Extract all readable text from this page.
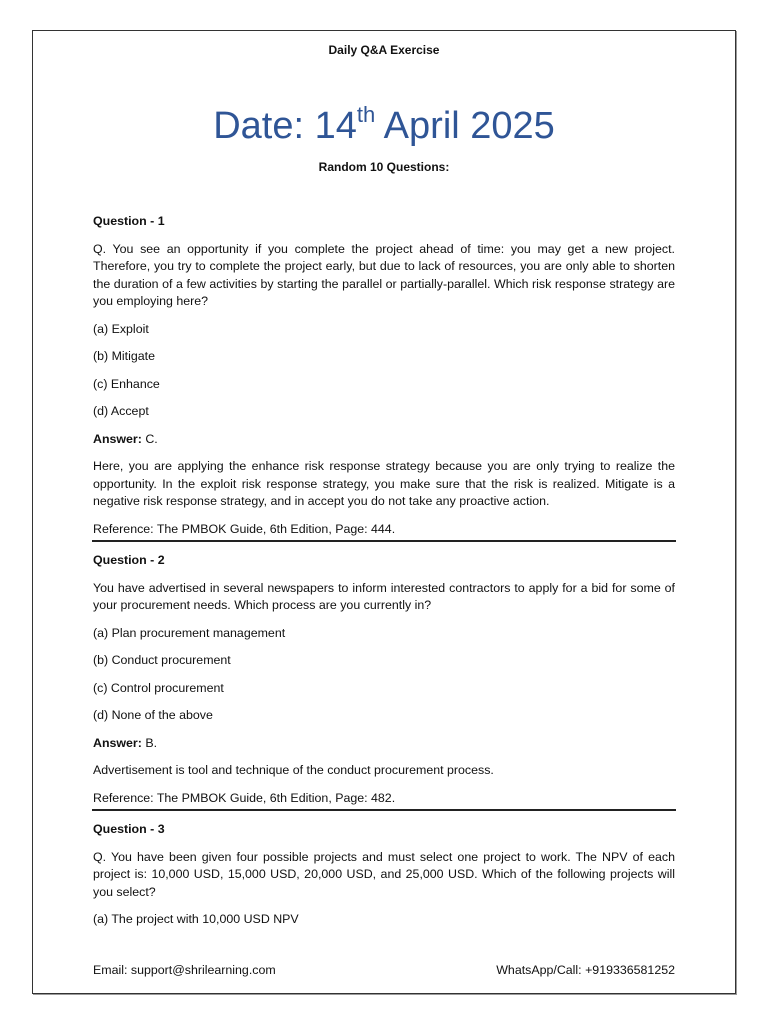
Daily Q&A Exercise
Date: 14th April 2025
Random 10 Questions:

Question - 1

Q. You see an opportunity if you complete the project ahead of time: you may get a new project. Therefore, you try to complete the project early, but due to lack of resources, you are only able to shorten the duration of a few activities by starting the parallel or partially-parallel. Which risk response strategy are you employing here?

(a) Exploit

(b) Mitigate

(c) Enhance

(d) Accept

Answer: C.

Here, you are applying the enhance risk response strategy because you are only trying to realize the opportunity. In the exploit risk response strategy, you make sure that the risk is realized. Mitigate is a negative risk response strategy, and in accept you do not take any proactive action.

Reference: The PMBOK Guide, 6th Edition, Page: 444.

Question - 2

You have advertised in several newspapers to inform interested contractors to apply for a bid for some of your procurement needs. Which process are you currently in?

(a) Plan procurement management

(b) Conduct procurement

(c) Control procurement

(d) None of the above

Answer: B.

Advertisement is tool and technique of the conduct procurement process.

Reference: The PMBOK Guide, 6th Edition, Page: 482.

Question - 3

Q. You have been given four possible projects and must select one project to work. The NPV of each project is: 10,000 USD, 15,000 USD, 20,000 USD, and 25,000 USD. Which of the following projects will you select?

(a) The project with 10,000 USD NPV

Email: support@shrilearning.com	WhatsApp/Call: +919336581252
